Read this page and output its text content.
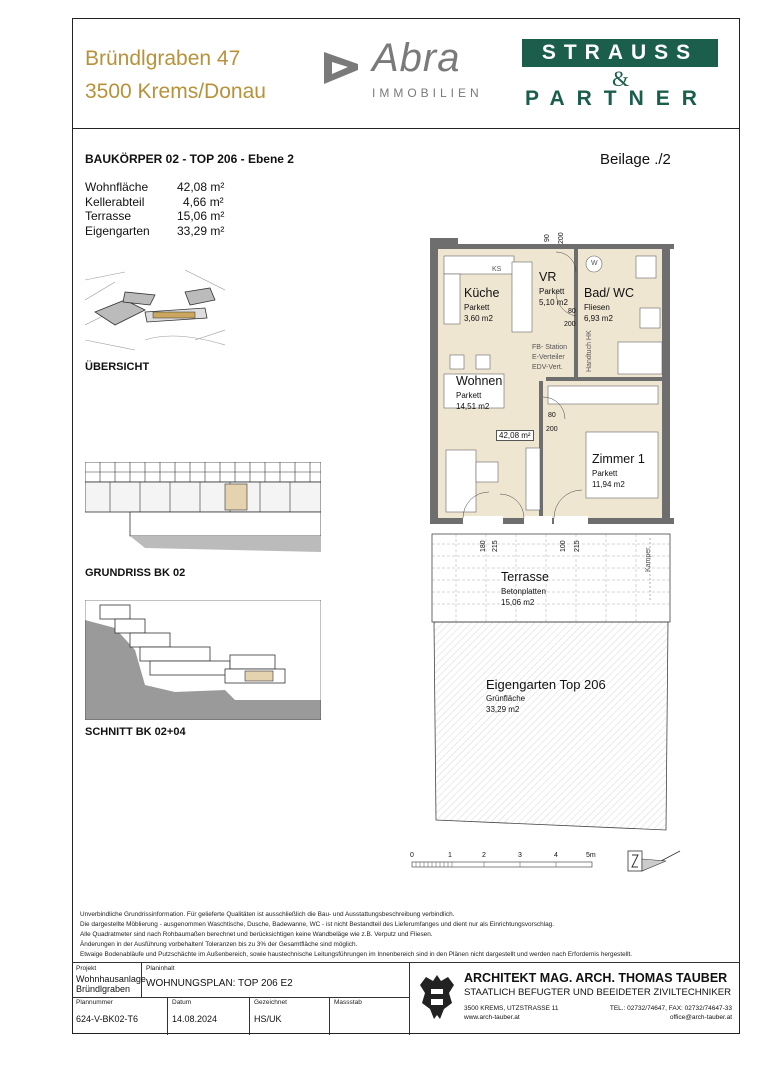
Bründlgraben 47
3500 Krems/Donau
Abra
IMMOBILIEN
STRAUSS
&
PARTNER
BAUKÖRPER 02 - TOP 206 - Ebene 2	Beilage ./2
Wohnfläche 42,08 m²
Kellerabteil	4,66 m²
Terrasse	15,06 m²
Eigengarten 33,29 m²
ÜBERSICHT
GRUNDRISS BK 02
SCHNITT BK 02+04
Küche
Parkett
3,60 m2
VR
Parkett
5,10 m2
Bad/ WC
Fliesen
6,93 m2
Wohnen
Parkett
14,51 m2
Zimmer 1
Parkett
11,94 m2
42,08 m²
FB- Station
E-Verteiler
EDV-Vert.	Handtuch HK
Kamper
KS
W
90 200
80
200
80
200
180 215	100 215
Terrasse
Betonplatten
15,06 m2
Eigengarten Top 206
Grünfläche
33,29 m2
0	1	2	3	4	5m
Unverbindliche Grundrissinformation. Für gelieferte Qualitäten ist ausschließlich die Bau- und Ausstattungsbeschreibung verbindlich.
Die dargestellte Möblierung - ausgenommen Waschtische, Dusche, Badewanne, WC - ist nicht Bestandteil des Lieferumfanges und dient nur als Einrichtungsvorschlag.
Alle Quadratmeter sind nach Rohbaumaßen berechnet und berücksichtigen keine Wandbeläge wie z.B. Verputz und Fliesen.
Änderungen in der Ausführung vorbehalten! Toleranzen bis zu 3% der Gesamtfläche sind möglich.
Etwaige Bodenabläufe und Putzschächte im Außenbereich, sowie haustechnische Leitungsführungen im Innenbereich sind in den Plänen nicht dargestellt und werden nach Erfordernis hergestellt.
Projekt
Wohnhausanlage
Bründlgraben
Planinhalt
WOHNUNGSPLAN: TOP 206 E2
Plannummer
624-V-BK02-T6
Datum
14.08.2024
Gezeichnet
HS/UK
Massstab
ARCHITEKT MAG. ARCH. THOMAS TAUBER
STAATLICH BEFUGTER UND BEEIDETER ZIVILTECHNIKER
3500 KREMS, UTZSTRASSE 11
www.arch-tauber.at
TEL.: 02732/74647, FAX: 02732/74647-33
office@arch-tauber.at
